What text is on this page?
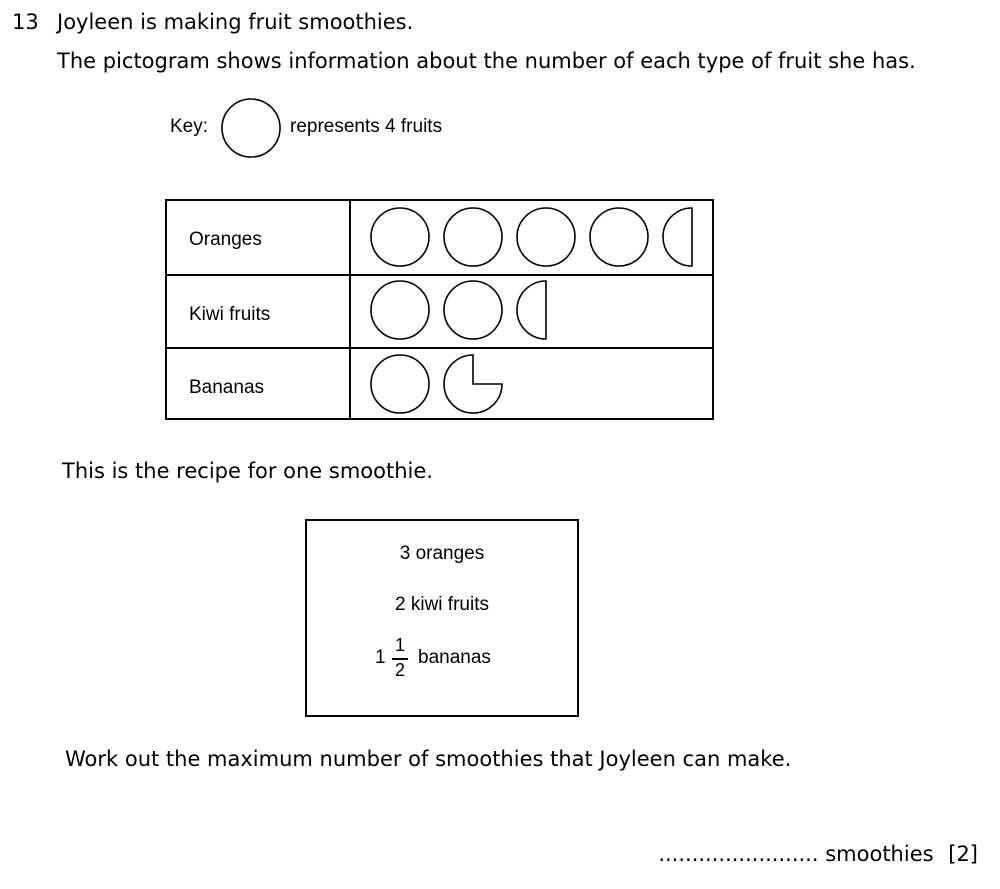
13 Joyleen is making fruit smoothies.
The pictogram shows information about the number of each type of fruit she has.
Key:	represents 4 fruits
Oranges
Kiwi fruits
Bananas
This is the recipe for one smoothie.
3 oranges
2 kiwi fruits
1
1
2
bananas
Work out the maximum number of smoothies that Joyleen can make.
........................ smoothies [2]
